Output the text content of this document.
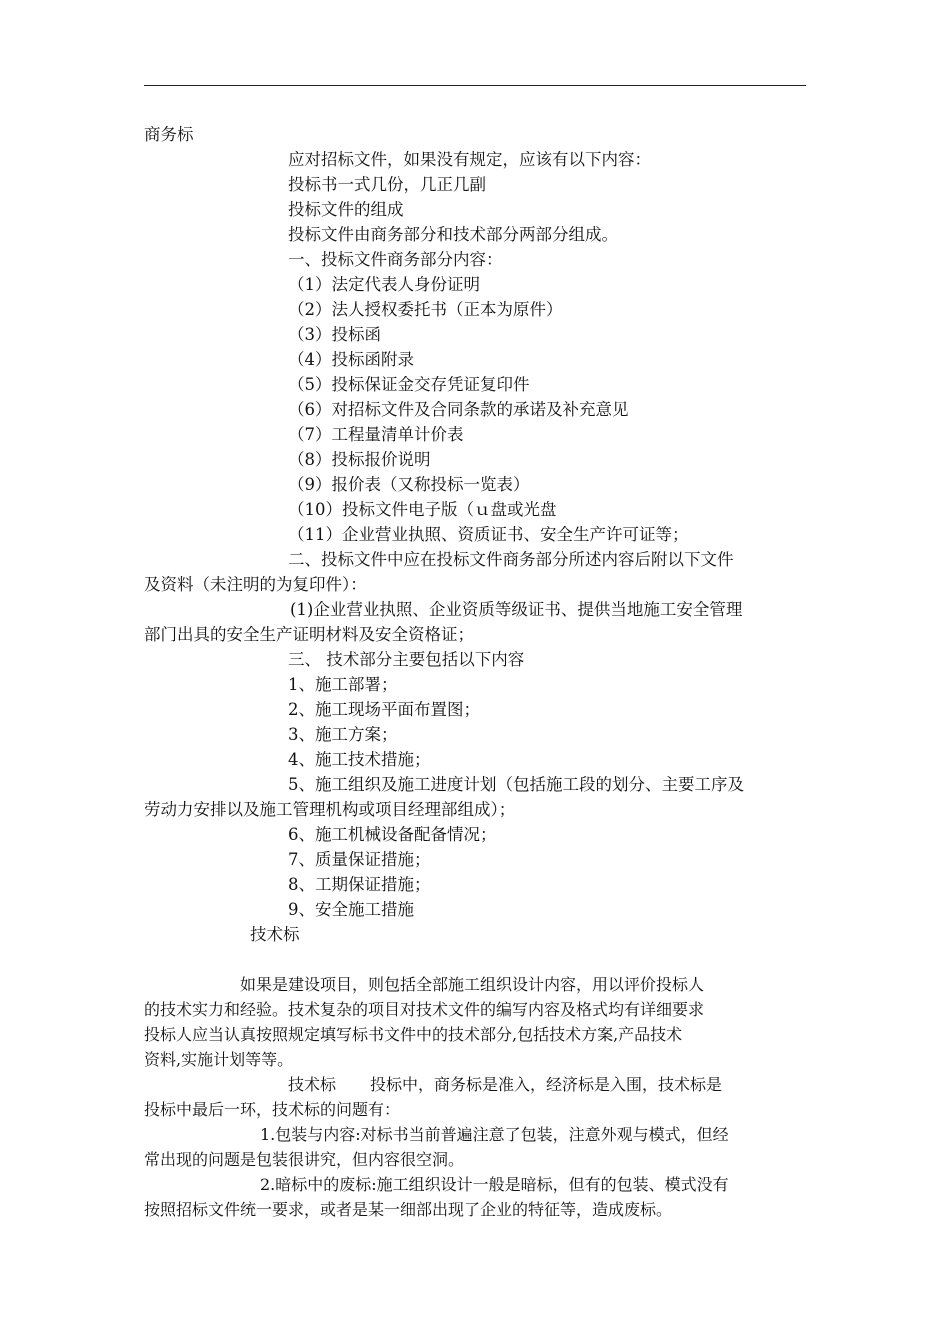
商务标
应对招标文件，如果没有规定，应该有以下内容：
投标书一式几份，几正几副
投标文件的组成
投标文件由商务部分和技术部分两部分组成。
一、投标文件商务部分内容：
（1）法定代表人身份证明
（2）法人授权委托书（正本为原件）
（3）投标函
（4）投标函附录
（5）投标保证金交存凭证复印件
（6）对招标文件及合同条款的承诺及补充意见
（7）工程量清单计价表
（8）投标报价说明
（9）报价表（又称投标一览表）
（10）投标文件电子版（ｕ盘或光盘
（11）企业营业执照、资质证书、安全生产许可证等；
二、投标文件中应在投标文件商务部分所述内容后附以下文件
及资料（未注明的为复印件）：
(1)企业营业执照、企业资质等级证书、提供当地施工安全管理
部门出具的安全生产证明材料及安全资格证；
三、 技术部分主要包括以下内容
1、施工部署；
2、施工现场平面布置图；
3、施工方案；
4、施工技术措施；
5、施工组织及施工进度计划（包括施工段的划分、主要工序及
劳动力安排以及施工管理机构或项目经理部组成）；
6、施工机械设备配备情况；
7、质量保证措施；
8、工期保证措施；
9、安全施工措施
技术标
如果是建设项目，则包括全部施工组织设计内容，用以评价投标人
的技术实力和经验。技术复杂的项目对技术文件的编写内容及格式均有详细要求
投标人应当认真按照规定填写标书文件中的技术部分,包括技术方案,产品技术
资料,实施计划等等。
技术标 投标中，商务标是准入，经济标是入围，技术标是
投标中最后一环，技术标的问题有：
1.包装与内容:对标书当前普遍注意了包装，注意外观与模式，但经
常出现的问题是包装很讲究，但内容很空洞。
2.暗标中的废标:施工组织设计一般是暗标，但有的包装、模式没有
按照招标文件统一要求，或者是某一细部出现了企业的特征等，造成废标。
